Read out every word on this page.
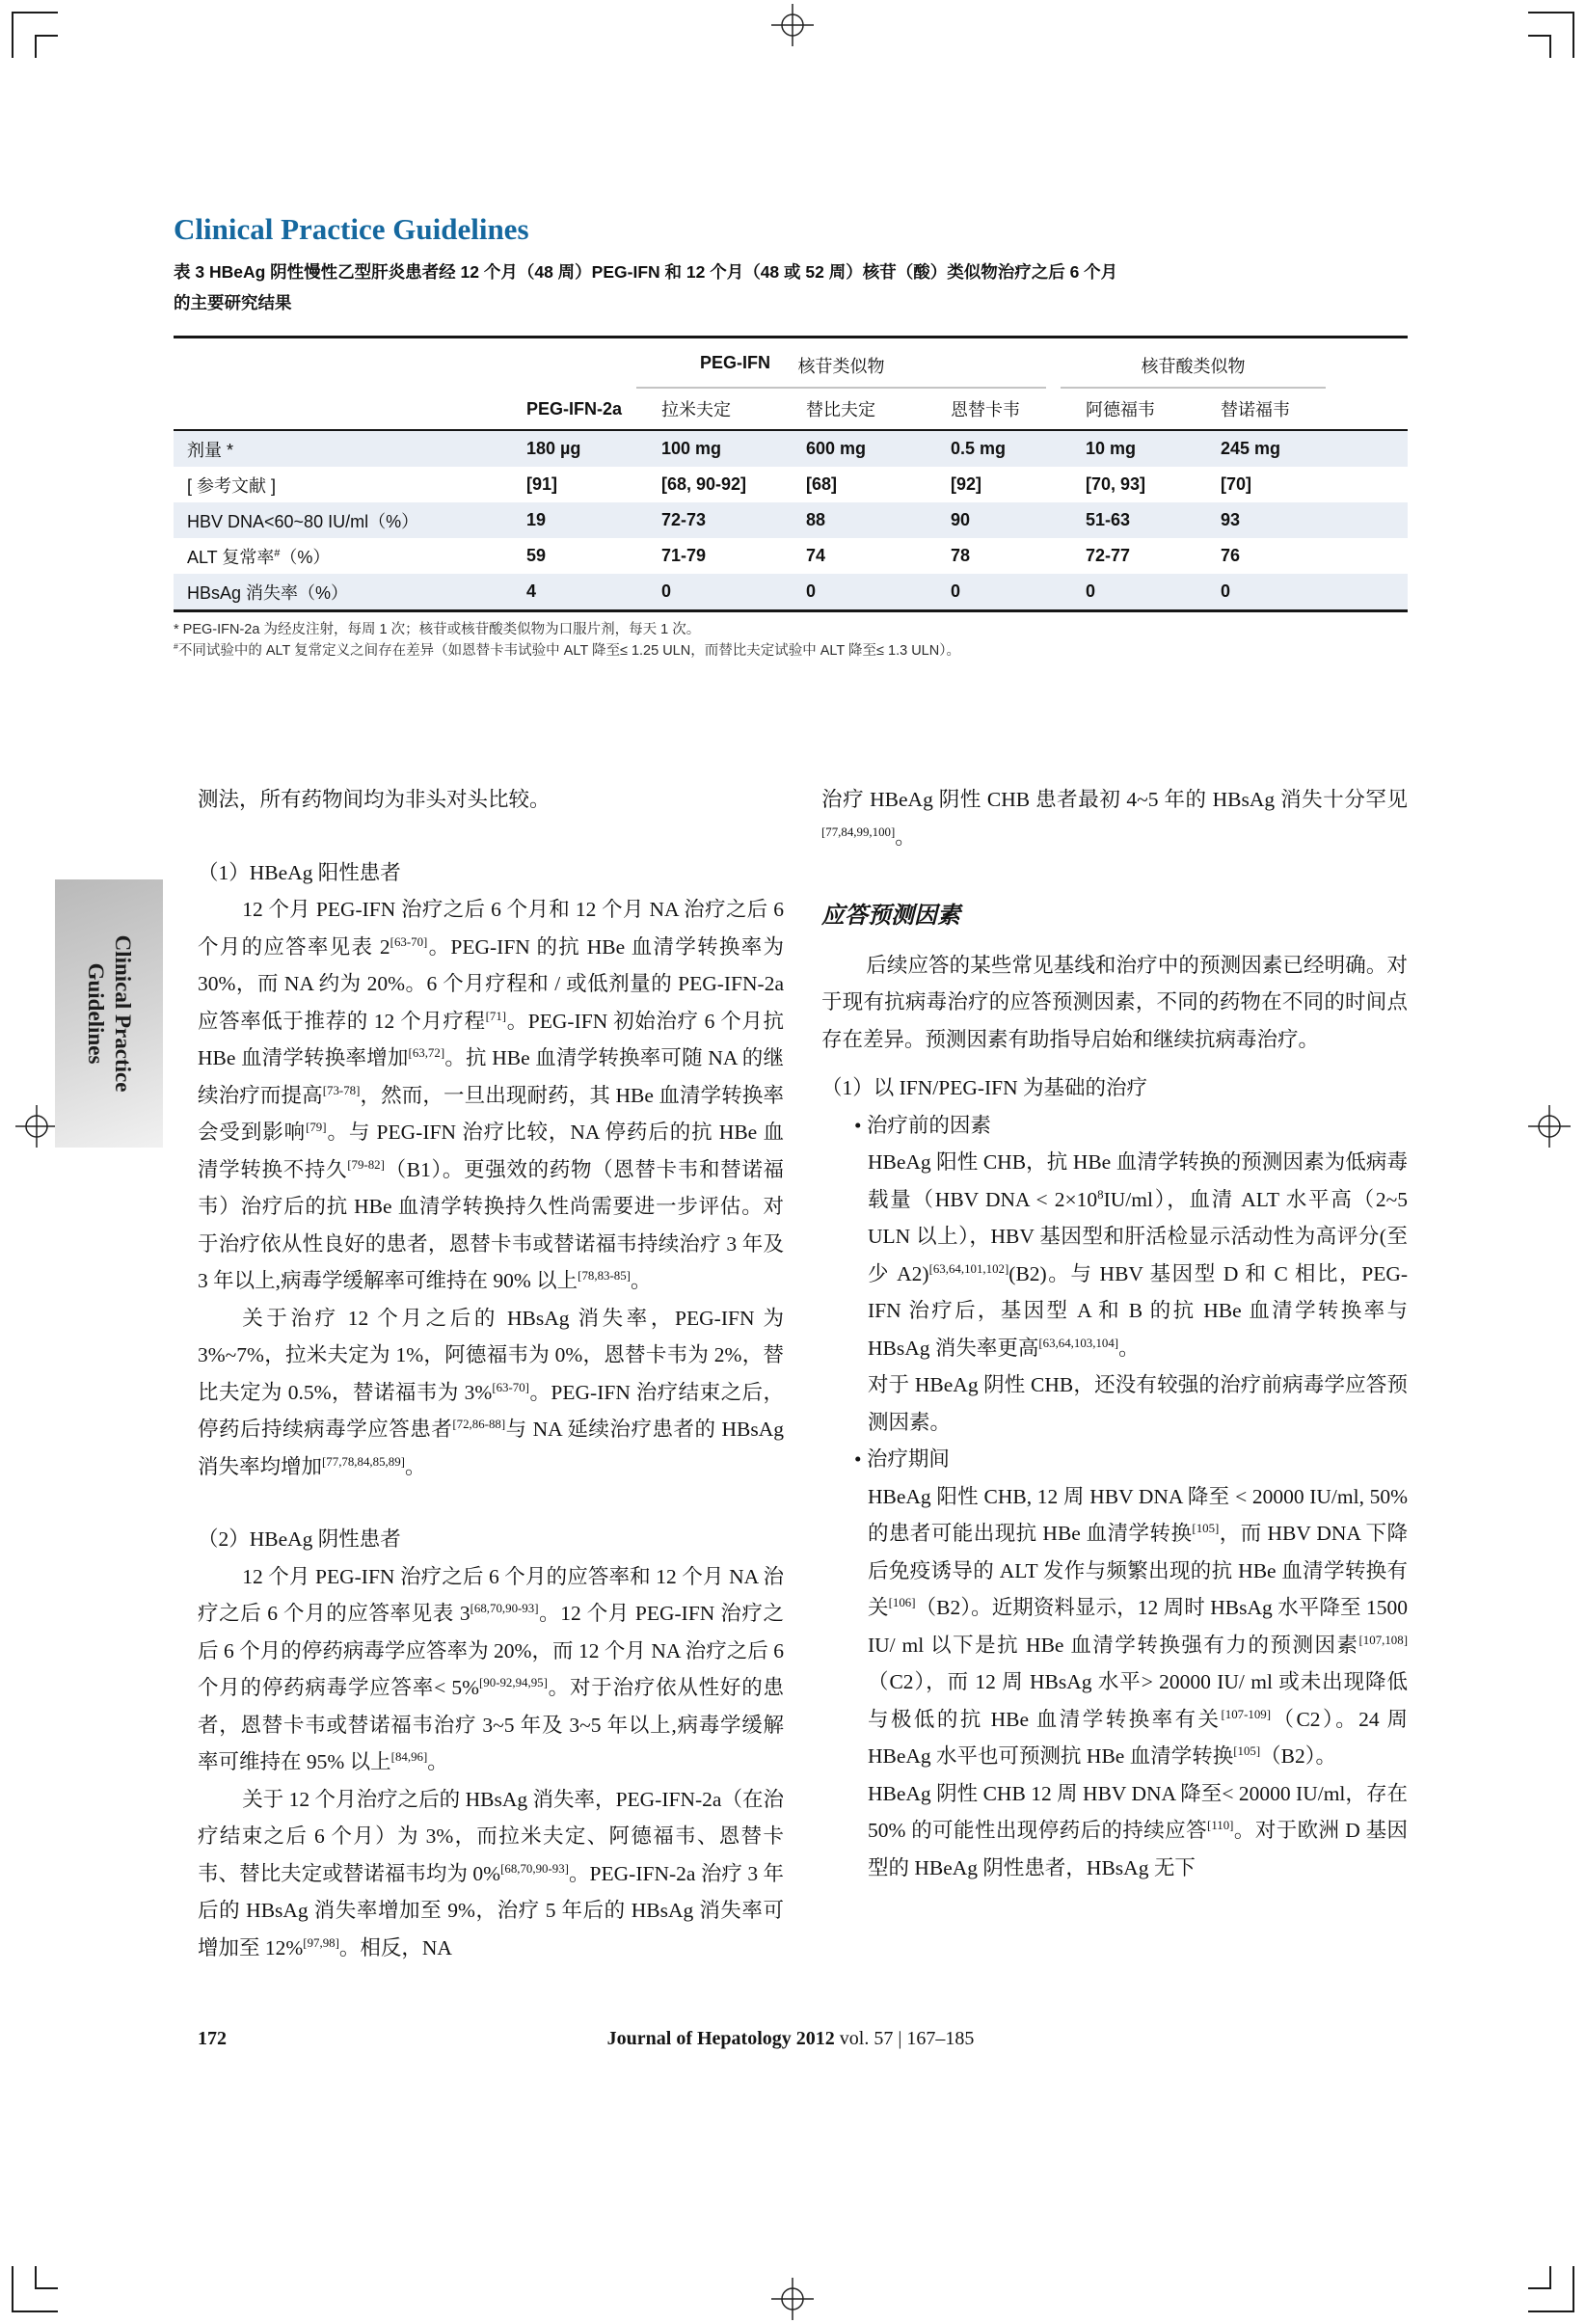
Clinical Practice
Guidelines
Clinical Practice Guidelines
表 3 HBeAg 阴性慢性乙型肝炎患者经 12 个月（48 周）PEG-IFN 和 12 个月（48 或 52 周）核苷（酸）类似物治疗之后 6 个月
的主要研究结果
PEG-IFN	核苷类似物	核苷酸类似物
PEG-IFN-2a	拉米夫定	替比夫定	恩替卡韦	阿德福韦	替诺福韦
剂量 *	180 µg	100 mg	600 mg	0.5 mg	10 mg	245 mg
[ 参考文献 ]	[91]	[68, 90-92]	[68]	[92]	[70, 93]	[70]
HBV DNA<60~80 IU/ml（%）	19	72-73	88	90	51-63	93
ALT 复常率#（%）	59	71-79	74	78	72-77	76
HBsAg 消失率（%）	4	0	0	0	0	0
* PEG-IFN-2a 为经皮注射，每周 1 次；核苷或核苷酸类似物为口服片剂，每天 1 次。
#不同试验中的 ALT 复常定义之间存在差异（如恩替卡韦试验中 ALT 降至≤ 1.25 ULN，而替比夫定试验中 ALT 降至≤ 1.3 ULN）。
测法，所有药物间均为非头对头比较。
（1）HBeAg 阳性患者
12 个月 PEG-IFN 治疗之后 6 个月和 12 个月 NA 治疗之后 6 个月的应答率见表 2[63-70]。PEG-IFN 的抗 HBe 血清学转换率为 30%，而 NA 约为 20%。6 个月疗程和 / 或低剂量的 PEG-IFN-2a 应答率低于推荐的 12 个月疗程[71]。PEG-IFN 初始治疗 6 个月抗 HBe 血清学转换率增加[63,72]。抗 HBe 血清学转换率可随 NA 的继续治疗而提高[73-78]，然而，一旦出现耐药，其 HBe 血清学转换率会受到影响[79]。与 PEG-IFN 治疗比较，NA 停药后的抗 HBe 血清学转换不持久[79-82]（B1）。更强效的药物（恩替卡韦和替诺福韦）治疗后的抗 HBe 血清学转换持久性尚需要进一步评估。对于治疗依从性良好的患者，恩替卡韦或替诺福韦持续治疗 3 年及 3 年以上,病毒学缓解率可维持在 90% 以上[78,83-85]。
关于治疗 12 个月之后的 HBsAg 消失率，PEG-IFN 为 3%~7%，拉米夫定为 1%，阿德福韦为 0%，恩替卡韦为 2%，替比夫定为 0.5%，替诺福韦为 3%[63-70]。PEG-IFN 治疗结束之后，停药后持续病毒学应答患者[72,86-88]与 NA 延续治疗患者的 HBsAg 消失率均增加[77,78,84,85,89]。
（2）HBeAg 阴性患者
12 个月 PEG-IFN 治疗之后 6 个月的应答率和 12 个月 NA 治疗之后 6 个月的应答率见表 3[68,70,90-93]。12 个月 PEG-IFN 治疗之后 6 个月的停药病毒学应答率为 20%，而 12 个月 NA 治疗之后 6 个月的停药病毒学应答率< 5%[90-92,94,95]。对于治疗依从性好的患者，恩替卡韦或替诺福韦治疗 3~5 年及 3~5 年以上,病毒学缓解率可维持在 95% 以上[84,96]。
关于 12 个月治疗之后的 HBsAg 消失率，PEG-IFN-2a（在治疗结束之后 6 个月）为 3%，而拉米夫定、阿德福韦、恩替卡韦、替比夫定或替诺福韦均为 0%[68,70,90-93]。PEG-IFN-2a 治疗 3 年后的 HBsAg 消失率增加至 9%，治疗 5 年后的 HBsAg 消失率可增加至 12%[97,98]。相反，NA
治疗 HBeAg 阴性 CHB 患者最初 4~5 年的 HBsAg 消失十分罕见[77,84,99,100]。
应答预测因素
后续应答的某些常见基线和治疗中的预测因素已经明确。对于现有抗病毒治疗的应答预测因素，不同的药物在不同的时间点存在差异。预测因素有助指导启始和继续抗病毒治疗。
（1）以 IFN/PEG-IFN 为基础的治疗
• 治疗前的因素
HBeAg 阳性 CHB，抗 HBe 血清学转换的预测因素为低病毒载量（HBV DNA < $2\times 10^8IU/ml$），血清 ALT 水平高（2~5 ULN 以上），HBV 基因型和肝活检显示活动性为高评分(至少 A2)[63,64,101,102](B2)。与 HBV 基因型 D 和 C 相比，PEG-IFN 治疗后，基因型 A 和 B 的抗 HBe 血清学转换率与 HBsAg 消失率更高[63,64,103,104]。
对于 HBeAg 阴性 CHB，还没有较强的治疗前病毒学应答预测因素。
• 治疗期间
HBeAg 阳性 CHB, 12 周 HBV DNA 降至 < 20000 IU/ml, 50% 的患者可能出现抗 HBe 血清学转换[105]，而 HBV DNA 下降后免疫诱导的 ALT 发作与频繁出现的抗 HBe 血清学转换有关[106]（B2）。近期资料显示，12 周时 HBsAg 水平降至 1500 IU/ ml 以下是抗 HBe 血清学转换强有力的预测因素[107,108]（C2），而 12 周 HBsAg 水平> 20000 IU/ ml 或未出现降低与极低的抗 HBe 血清学转换率有关[107-109]（C2）。24 周 HBeAg 水平也可预测抗 HBe 血清学转换[105]（B2）。
HBeAg 阴性 CHB 12 周 HBV DNA 降至< 20000 IU/ml，存在 50% 的可能性出现停药后的持续应答[110]。对于欧洲 D 基因型的 HBeAg 阴性患者，HBsAg 无下
172	Journal of Hepatology 2012 vol. 57 | 167–185
